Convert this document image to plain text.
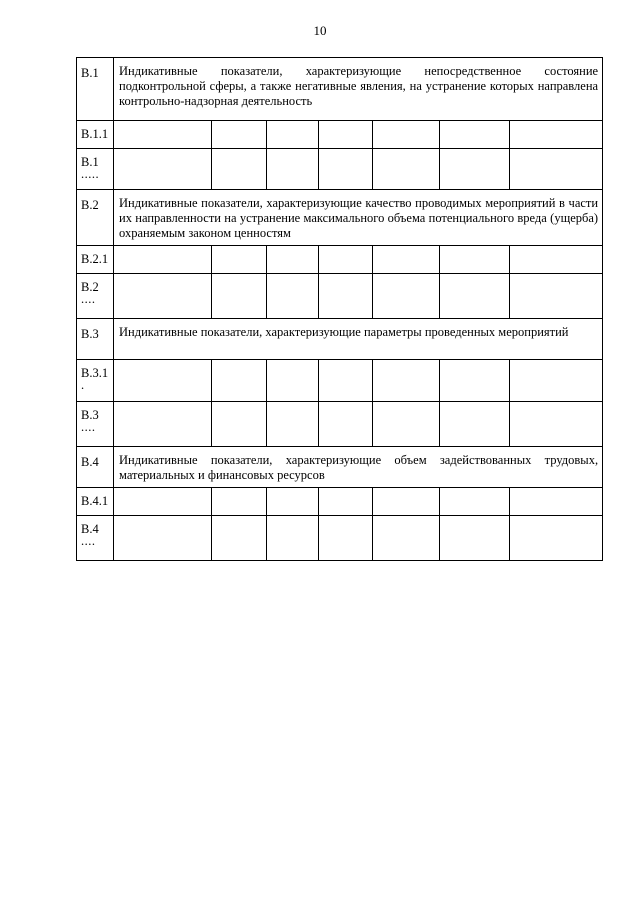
10
В.1	Индикативные показатели, характеризующие непосредственное состояние подконтрольной сферы, а также негативные явления, на устранение которых направлена контрольно-надзорная деятельность						

В.1.1							

В.1
.....							

В.2	Индикативные показатели, характеризующие качество проводимых мероприятий в части их направленности на устранение максимального объема потенциального вреда (ущерба) охраняемым законом ценностям						

В.2.1							

В.2
....							

В.3	Индикативные показатели, характеризующие параметры проведенных мероприятий						

В.3.1
.							

В.3
....							

В.4	Индикативные показатели, характеризующие объем задействованных трудовых, материальных и финансовых ресурсов						

В.4.1							

В.4
....							
